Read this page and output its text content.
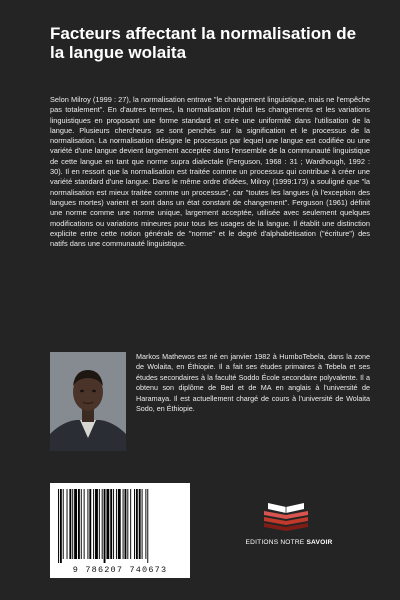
Facteurs affectant la normalisation de la langue wolaita

Selon Milroy (1999 : 27), la normalisation entrave "le changement linguistique, mais ne l'empêche pas totalement". En d'autres termes, la normalisation réduit les changements et les variations linguistiques en proposant une forme standard et crée une uniformité dans l'utilisation de la langue. Plusieurs chercheurs se sont penchés sur la signification et le processus de la normalisation. La normalisation désigne le processus par lequel une langue est codifiée ou une variété d'une langue devient largement acceptée dans l'ensemble de la communauté linguistique de cette langue en tant que norme supra dialectale (Ferguson, 1968 : 31 ; Wardhough, 1992 : 30). Il en ressort que la normalisation est traitée comme un processus qui contribue à créer une variété standard d'une langue. Dans le même ordre d'idées, Milroy (1999:173) a souligné que "la normalisation est mieux traitée comme un processus", car "toutes les langues (à l'exception des langues mortes) varient et sont dans un état constant de changement". Ferguson (1961) définit une norme comme une norme unique, largement acceptée, utilisée avec seulement quelques modifications ou variations mineures pour tous les usages de la langue. Il établit une distinction explicite entre cette notion générale de "norme" et le degré d'alphabétisation ("écriture") des natifs dans une communauté linguistique.

Markos Mathewos est né en janvier 1982 à HumboTebela, dans la zone de Wolaita, en Éthiopie. Il a fait ses études primaires à Tebela et ses études secondaires à la faculté Soddo École secondaire polyvalente. Il a obtenu son diplôme de Bed et de MA en anglais à l'université de Haramaya. Il est actuellement chargé de cours à l'université de Wolaita Sodo, en Éthiopie.

9 786207 740673
EDITIONS NOTRE SAVOIR
